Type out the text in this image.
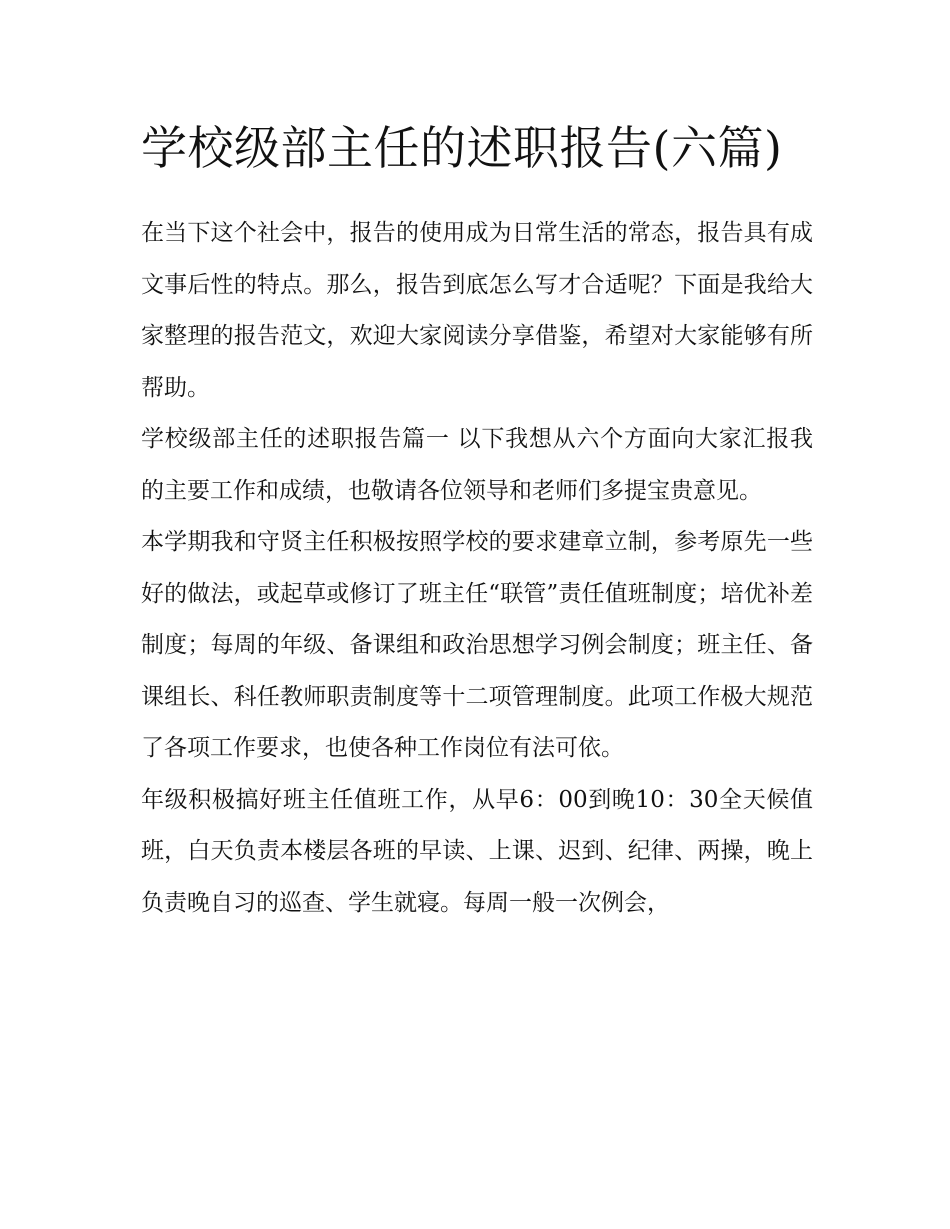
学校级部主任的述职报告(六篇)

在当下这个社会中，报告的使用成为日常生活的常态，报告具有成文事后性的特点。那么，报告到底怎么写才合适呢？下面是我给大家整理的报告范文，欢迎大家阅读分享借鉴，希望对大家能够有所帮助。

学校级部主任的述职报告篇一 以下我想从六个方面向大家汇报我的主要工作和成绩，也敬请各位领导和老师们多提宝贵意见。

本学期我和守贤主任积极按照学校的要求建章立制，参考原先一些好的做法，或起草或修订了班主任“联管”责任值班制度；培优补差制度；每周的年级、备课组和政治思想学习例会制度；班主任、备课组长、科任教师职责制度等十二项管理制度。此项工作极大规范了各项工作要求，也使各种工作岗位有法可依。

年级积极搞好班主任值班工作，从早6：00到晚10：30全天候值班，白天负责本楼层各班的早读、上课、迟到、纪律、两操，晚上负责晚自习的巡查、学生就寝。每周一般一次例会，
